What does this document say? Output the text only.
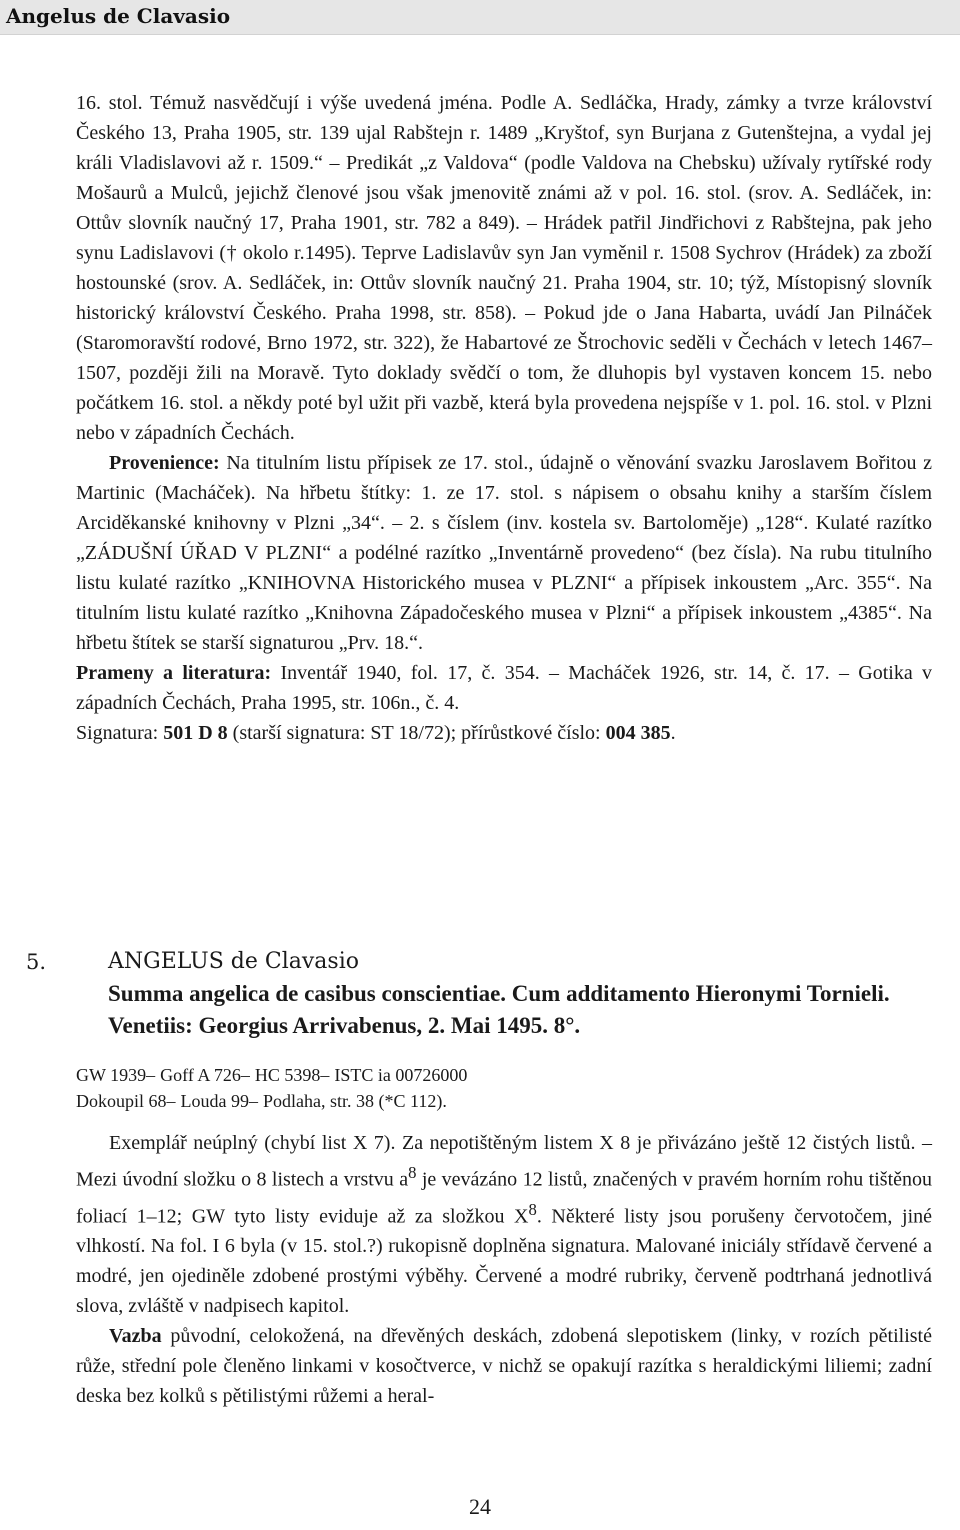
Angelus de Clavasio

16. stol. Témuž nasvědčují i výše uvedená jména. Podle A. Sedláčka, Hrady, zámky a tvrze království Českého 13, Praha 1905, str. 139 ujal Rabštejn r. 1489 „Kryštof, syn Burjana z Gutenštejna, a vydal jej králi Vladislavovi až r. 1509.“ – Predikát „z Valdova“ (podle Valdova na Chebsku) užívaly rytířské rody Mošaurů a Mulců, jejichž členové jsou však jmenovitě známi až v pol. 16. stol. (srov. A. Sedláček, in: Ottův slovník naučný 17, Praha 1901, str. 782 a 849). – Hrádek patřil Jindřichovi z Rabštejna, pak jeho synu Ladislavovi († okolo r.1495). Teprve Ladislavův syn Jan vyměnil r. 1508 Sychrov (Hrádek) za zboží hostounské (srov. A. Sedláček, in: Ottův slovník naučný 21. Praha 1904, str. 10; týž, Místopisný slovník historický království Českého. Praha 1998, str. 858). – Pokud jde o Jana Habarta, uvádí Jan Pilnáček (Staromoravští rodové, Brno 1972, str. 322), že Habartové ze Štrochovic seděli v Čechách v letech 1467–1507, později žili na Moravě. Tyto doklady svědčí o tom, že dluhopis byl vystaven koncem 15. nebo počátkem 16. stol. a někdy poté byl užit při vazbě, která byla provedena nejspíše v 1. pol. 16. stol. v Plzni nebo v západních Čechách.

Provenience: Na titulním listu přípisek ze 17. stol., údajně o věnování svazku Jaroslavem Bořitou z Martinic (Macháček). Na hřbetu štítky: 1. ze 17. stol. s nápisem o obsahu knihy a starším číslem Arciděkanské knihovny v Plzni „34“. – 2. s číslem (inv. kostela sv. Bartoloměje) „128“. Kulaté razítko „ZÁDUŠNÍ ÚŘAD V PLZNI“ a podélné razítko „Inventárně provedeno“ (bez čísla). Na rubu titulního listu kulaté razítko „KNIHOVNA Historického musea v PLZNI“ a přípisek inkoustem „Arc. 355“. Na titulním listu kulaté razítko „Knihovna Západočeského musea v Plzni“ a přípisek inkoustem „4385“. Na hřbetu štítek se starší signaturou „Prv. 18.“.

Prameny a literatura: Inventář 1940, fol. 17, č. 354. – Macháček 1926, str. 14, č. 17. – Gotika v západních Čechách, Praha 1995, str. 106n., č. 4.

Signatura: 501 D 8 (starší signatura: ST 18/72); přírůstkové číslo: 004 385.

5.	ANGELUS de Clavasio
Summa angelica de casibus conscientiae. Cum additamento Hieronymi Tornieli. Venetiis: Georgius Arrivabenus, 2. Mai 1495. 8°.
GW 1939– Goff A 726– HC 5398– ISTC ia 00726000
Dokoupil 68– Louda 99– Podlaha, str. 38 (*C 112).

Exemplář neúplný (chybí list X 7). Za nepotištěným listem X 8 je přivázáno ještě 12 čistých listů. – Mezi úvodní složku o 8 listech a vrstvu $a^8$ je vevázáno 12 listů, značených v pravém horním rohu tištěnou foliací 1–12; GW tyto listy eviduje až za složkou $X^8$. Některé listy jsou porušeny červotočem, jiné vlhkostí. Na fol. I 6 byla (v 15. stol.?) rukopisně doplněna signatura. Malované iniciály střídavě červené a modré, jen ojediněle zdobené prostými výběhy. Červené a modré rubriky, červeně podtrhaná jednotlivá slova, zvláště v nadpisech kapitol.

Vazba původní, celokožená, na dřevěných deskách, zdobená slepotiskem (linky, v rozích pětilisté růže, střední pole členěno linkami v kosočtverce, v nichž se opakují razítka s heraldickými liliemi; zadní deska bez kolků s pětilistými růžemi a heral-

24
